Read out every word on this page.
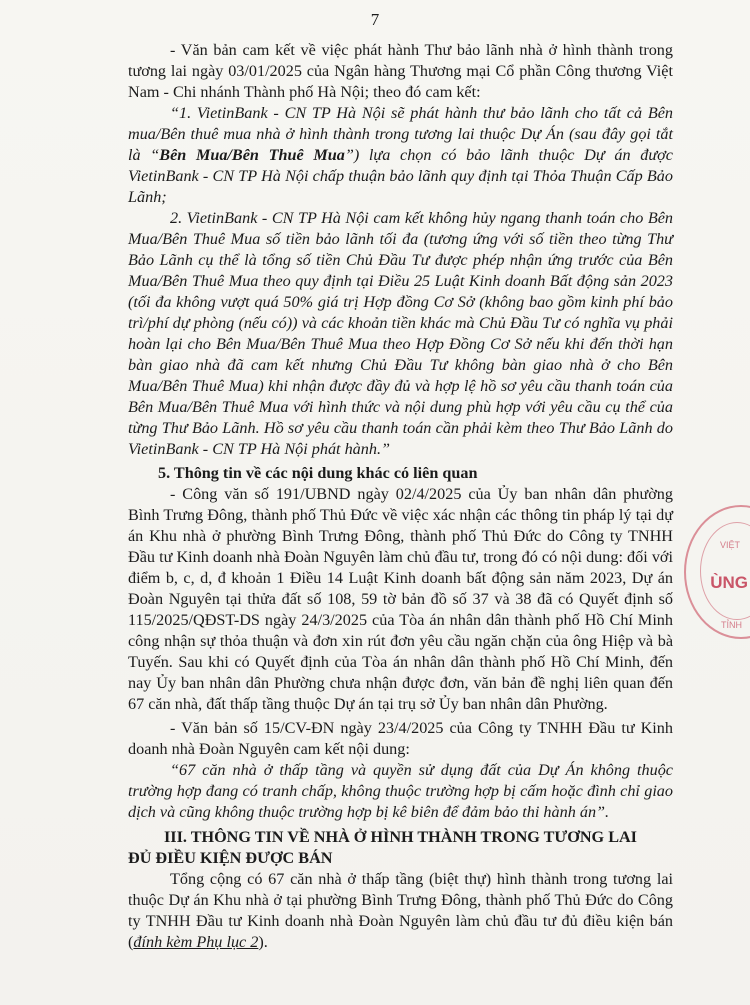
7

- Văn bản cam kết về việc phát hành Thư bảo lãnh nhà ở hình thành trong tương lai ngày 03/01/2025 của Ngân hàng Thương mại Cổ phần Công thương Việt Nam - Chi nhánh Thành phố Hà Nội; theo đó cam kết:

“1. VietinBank - CN TP Hà Nội sẽ phát hành thư bảo lãnh cho tất cả Bên mua/Bên thuê mua nhà ở hình thành trong tương lai thuộc Dự Án (sau đây gọi tắt là “Bên Mua/Bên Thuê Mua”) lựa chọn có bảo lãnh thuộc Dự án được VietinBank - CN TP Hà Nội chấp thuận bảo lãnh quy định tại Thỏa Thuận Cấp Bảo Lãnh;

2. VietinBank - CN TP Hà Nội cam kết không hủy ngang thanh toán cho Bên Mua/Bên Thuê Mua số tiền bảo lãnh tối đa (tương ứng với số tiền theo từng Thư Bảo Lãnh cụ thể là tổng số tiền Chủ Đầu Tư được phép nhận ứng trước của Bên Mua/Bên Thuê Mua theo quy định tại Điều 25 Luật Kinh doanh Bất động sản 2023 (tối đa không vượt quá 50% giá trị Hợp đồng Cơ Sở (không bao gồm kinh phí bảo trì/phí dự phòng (nếu có)) và các khoản tiền khác mà Chủ Đầu Tư có nghĩa vụ phải hoàn lại cho Bên Mua/Bên Thuê Mua theo Hợp Đồng Cơ Sở nếu khi đến thời hạn bàn giao nhà đã cam kết nhưng Chủ Đầu Tư không bàn giao nhà ở cho Bên Mua/Bên Thuê Mua) khi nhận được đầy đủ và hợp lệ hồ sơ yêu cầu thanh toán của Bên Mua/Bên Thuê Mua với hình thức và nội dung phù hợp với yêu cầu cụ thể của từng Thư Bảo Lãnh. Hồ sơ yêu cầu thanh toán cần phải kèm theo Thư Bảo Lãnh do VietinBank - CN TP Hà Nội phát hành.”

5. Thông tin về các nội dung khác có liên quan

- Công văn số 191/UBND ngày 02/4/2025 của Ủy ban nhân dân phường Bình Trưng Đông, thành phố Thủ Đức về việc xác nhận các thông tin pháp lý tại dự án Khu nhà ở phường Bình Trưng Đông, thành phố Thủ Đức do Công ty TNHH Đầu tư Kinh doanh nhà Đoàn Nguyên làm chủ đầu tư, trong đó có nội dung: đối với điểm b, c, d, đ khoản 1 Điều 14 Luật Kinh doanh bất động sản năm 2023, Dự án Đoàn Nguyên tại thửa đất số 108, 59 tờ bản đồ số 37 và 38 đã có Quyết định số 115/2025/QĐST-DS ngày 24/3/2025 của Tòa án nhân dân thành phố Hồ Chí Minh công nhận sự thỏa thuận và đơn xin rút đơn yêu cầu ngăn chặn của ông Hiệp và bà Tuyến. Sau khi có Quyết định của Tòa án nhân dân thành phố Hồ Chí Minh, đến nay Ủy ban nhân dân Phường chưa nhận được đơn, văn bản đề nghị liên quan đến 67 căn nhà, đất thấp tầng thuộc Dự án tại trụ sở Ủy ban nhân dân Phường.

- Văn bản số 15/CV-ĐN ngày 23/4/2025 của Công ty TNHH Đầu tư Kinh doanh nhà Đoàn Nguyên cam kết nội dung:

“67 căn nhà ở thấp tầng và quyền sử dụng đất của Dự Án không thuộc trường hợp đang có tranh chấp, không thuộc trường hợp bị cấm hoặc đình chỉ giao dịch và cũng không thuộc trường hợp bị kê biên để đảm bảo thi hành án”.

III. THÔNG TIN VỀ NHÀ Ở HÌNH THÀNH TRONG TƯƠNG LAI
ĐỦ ĐIỀU KIỆN ĐƯỢC BÁN

Tổng cộng có 67 căn nhà ở thấp tầng (biệt thự) hình thành trong tương lai thuộc Dự án Khu nhà ở tại phường Bình Trưng Đông, thành phố Thủ Đức do Công ty TNHH Đầu tư Kinh doanh nhà Đoàn Nguyên làm chủ đầu tư đủ điều kiện bán (đính kèm Phụ lục 2).

VIỆT
ÙNG
TỈNH
